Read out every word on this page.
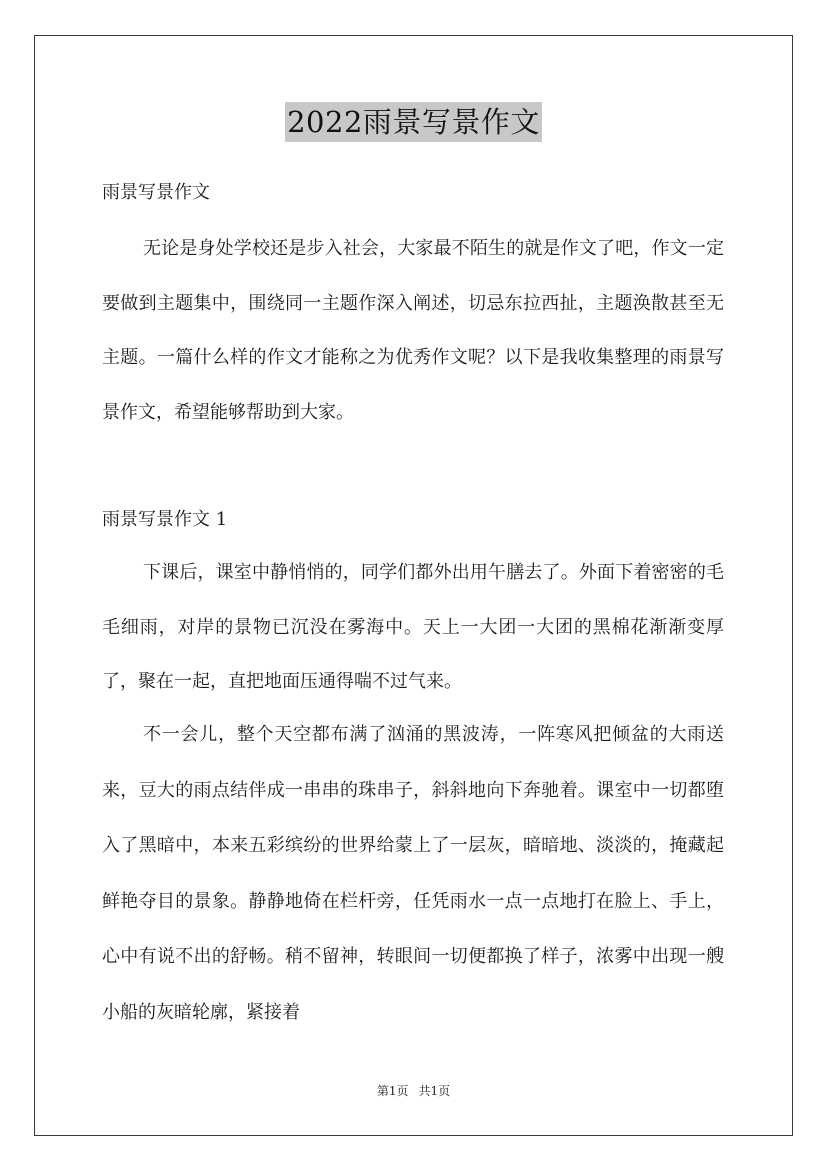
2022雨景写景作文

雨景写景作文

无论是身处学校还是步入社会，大家最不陌生的就是作文了吧，作文一定要做到主题集中，围绕同一主题作深入阐述，切忌东拉西扯，主题涣散甚至无主题。一篇什么样的作文才能称之为优秀作文呢？以下是我收集整理的雨景写景作文，希望能够帮助到大家。

雨景写景作文 1

下课后，课室中静悄悄的，同学们都外出用午膳去了。外面下着密密的毛毛细雨，对岸的景物已沉没在雾海中。天上一大团一大团的黑棉花渐渐变厚了，聚在一起，直把地面压通得喘不过气来。

不一会儿，整个天空都布满了汹涌的黑波涛，一阵寒风把倾盆的大雨送来，豆大的雨点结伴成一串串的珠串子，斜斜地向下奔驰着。课室中一切都堕入了黑暗中，本来五彩缤纷的世界给蒙上了一层灰，暗暗地、淡淡的，掩藏起鲜艳夺目的景象。静静地倚在栏杆旁，任凭雨水一点一点地打在脸上、手上，心中有说不出的舒畅。稍不留神，转眼间一切便都换了样子，浓雾中出现一艘小船的灰暗轮廓，紧接着

第1页 共1页
